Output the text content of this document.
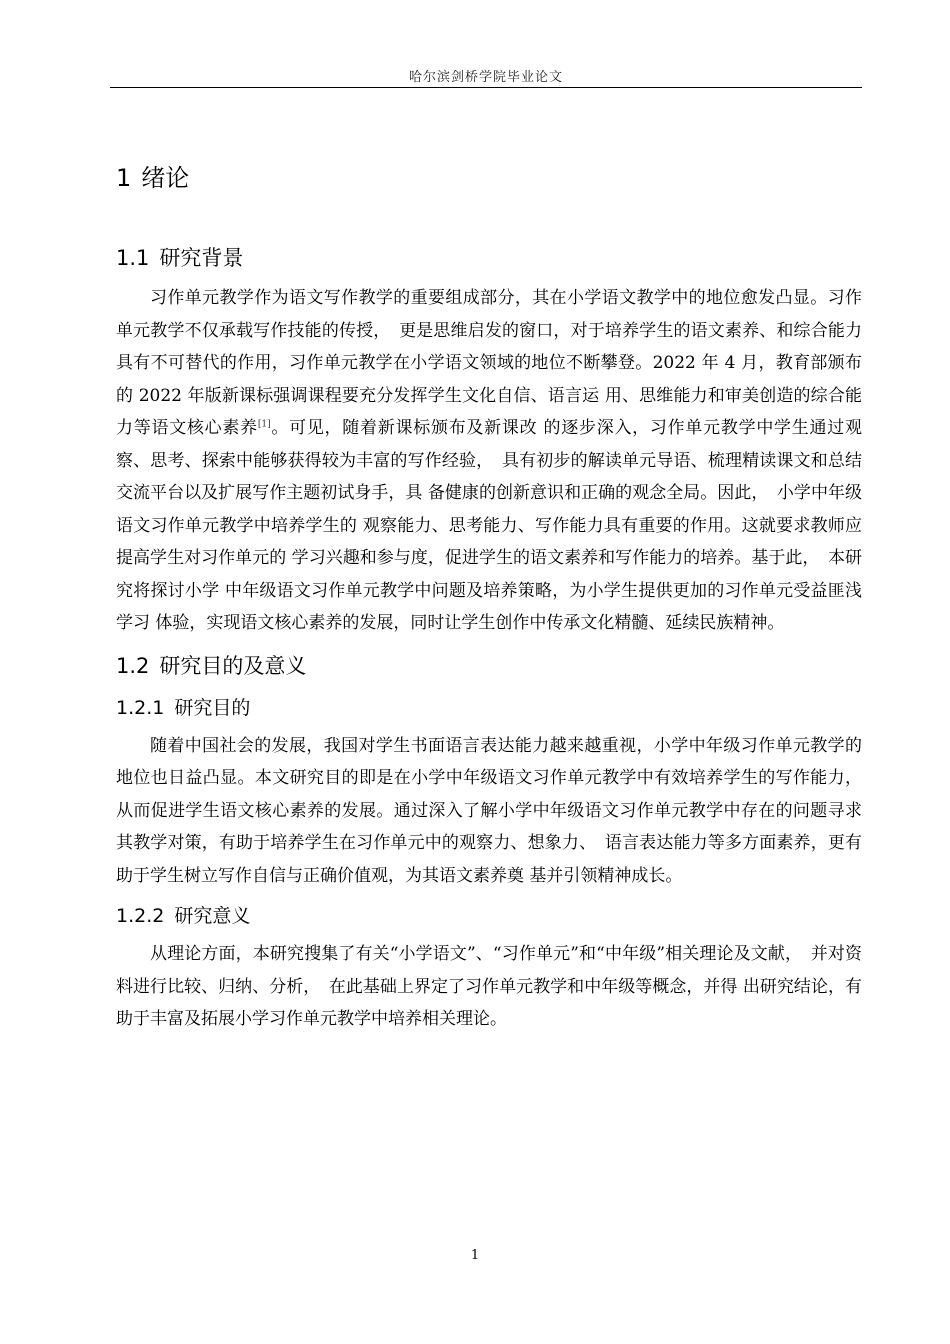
哈尔滨剑桥学院毕业论文
1 绪论
1.1 研究背景

习作单元教学作为语文写作教学的重要组成部分，其在小学语文教学中的地位愈发凸显。习作单元教学不仅承载写作技能的传授，　更是思维启发的窗口，对于培养学生的语文素养、和综合能力具有不可替代的作用，习作单元教学在小学语文领域的地位不断攀登。2022 年 4 月，教育部颁布的 2022 年版新课标强调课程要充分发挥学生文化自信、语言运 用、思维能力和审美创造的综合能力等语文核心素养[1]。可见，随着新课标颁布及新课改 的逐步深入，习作单元教学中学生通过观察、思考、探索中能够获得较为丰富的写作经验，　具有初步的解读单元导语、梳理精读课文和总结交流平台以及扩展写作主题初试身手，具 备健康的创新意识和正确的观念全局。因此，　小学中年级语文习作单元教学中培养学生的 观察能力、思考能力、写作能力具有重要的作用。这就要求教师应提高学生对习作单元的 学习兴趣和参与度，促进学生的语文素养和写作能力的培养。基于此，　本研究将探讨小学 中年级语文习作单元教学中问题及培养策略，为小学生提供更加的习作单元受益匪浅学习 体验，实现语文核心素养的发展，同时让学生创作中传承文化精髓、延续民族精神。

1.2 研究目的及意义
1.2.1 研究目的

随着中国社会的发展，我国对学生书面语言表达能力越来越重视，小学中年级习作单元教学的地位也日益凸显。本文研究目的即是在小学中年级语文习作单元教学中有效培养学生的写作能力，从而促进学生语文核心素养的发展。通过深入了解小学中年级语文习作单元教学中存在的问题寻求其教学对策，有助于培养学生在习作单元中的观察力、想象力、　语言表达能力等多方面素养，更有助于学生树立写作自信与正确价值观，为其语文素养奠 基并引领精神成长。

1.2.2 研究意义

从理论方面，本研究搜集了有关“小学语文”、“习作单元”和“中年级”相关理论及文献，　并对资料进行比较、归纳、分析，　在此基础上界定了习作单元教学和中年级等概念，并得 出研究结论，有助于丰富及拓展小学习作单元教学中培养相关理论。

1
